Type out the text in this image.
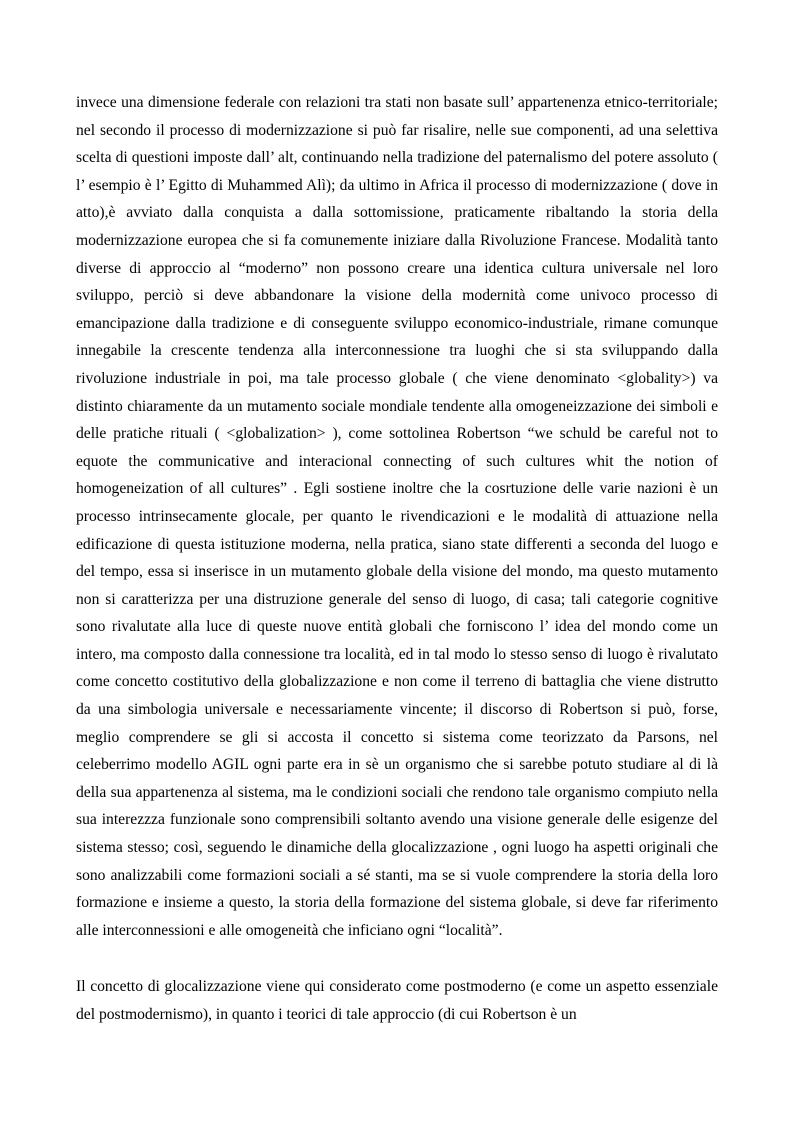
invece una dimensione federale con relazioni tra stati non basate sull’ appartenenza etnico-territoriale; nel secondo il processo di modernizzazione si può far risalire, nelle sue componenti, ad una selettiva scelta di questioni imposte dall’ alt, continuando nella tradizione del paternalismo del potere assoluto ( l’ esempio è l’ Egitto di Muhammed Alì); da ultimo in Africa il processo di modernizzazione ( dove in atto),è avviato dalla conquista a dalla sottomissione, praticamente ribaltando la storia della modernizzazione europea che si fa comunemente iniziare dalla Rivoluzione Francese. Modalità tanto diverse di approccio al “moderno” non possono creare una identica cultura universale nel loro sviluppo, perciò si deve abbandonare la visione della modernità come univoco processo di emancipazione dalla tradizione e di conseguente sviluppo economico-industriale, rimane comunque innegabile la crescente tendenza alla interconnessione tra luoghi che si sta sviluppando dalla rivoluzione industriale in poi, ma tale processo globale ( che viene denominato <globality>) va distinto chiaramente da un mutamento sociale mondiale tendente alla omogeneizzazione dei simboli e delle pratiche rituali ( <globalization> ), come sottolinea Robertson “we schuld be careful not to equote the communicative and interacional connecting of such cultures whit the notion of homogeneization of all cultures” . Egli sostiene inoltre che la cosrtuzione delle varie nazioni è un processo intrinsecamente glocale, per quanto le rivendicazioni e le modalità di attuazione nella edificazione di questa istituzione moderna, nella pratica, siano state differenti a seconda del luogo e del tempo, essa si inserisce in un mutamento globale della visione del mondo, ma questo mutamento non si caratterizza per una distruzione generale del senso di luogo, di casa; tali categorie cognitive sono rivalutate alla luce di queste nuove entità globali che forniscono l’ idea del mondo come un intero, ma composto dalla connessione tra località, ed in tal modo lo stesso senso di luogo è rivalutato come concetto costitutivo della globalizzazione e non come il terreno di battaglia che viene distrutto da una simbologia universale e necessariamente vincente; il discorso di Robertson si può, forse, meglio comprendere se gli si accosta il concetto si sistema come teorizzato da Parsons, nel celeberrimo modello AGIL ogni parte era in sè un organismo che si sarebbe potuto studiare al di là della sua appartenenza al sistema, ma le condizioni sociali che rendono tale organismo compiuto nella sua interezzza funzionale sono comprensibili soltanto avendo una visione generale delle esigenze del sistema stesso; così, seguendo le dinamiche della glocalizzazione , ogni luogo ha aspetti originali che sono analizzabili come formazioni sociali a sé stanti, ma se si vuole comprendere la storia della loro formazione e insieme a questo, la storia della formazione del sistema globale, si deve far riferimento alle interconnessioni e alle omogeneità che inficiano ogni “località”.

Il concetto di glocalizzazione viene qui considerato come postmoderno (e come un aspetto essenziale del postmodernismo), in quanto i teorici di tale approccio (di cui Robertson è un
